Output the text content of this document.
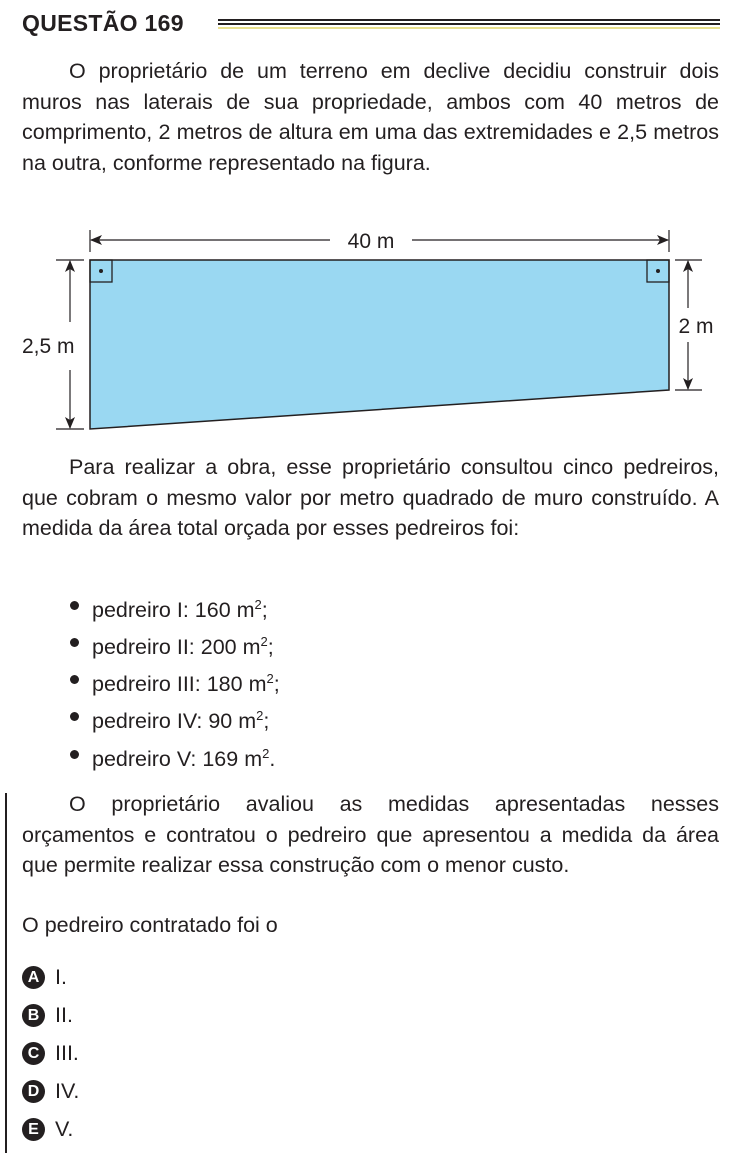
QUESTÃO 169

O proprietário de um terreno em declive decidiu construir dois muros nas laterais de sua propriedade, ambos com 40 metros de comprimento, 2 metros de altura em uma das extremidades e 2,5 metros na outra, conforme representado na figura.

40 m
2,5 m
2 m

Para realizar a obra, esse proprietário consultou cinco pedreiros, que cobram o mesmo valor por metro quadrado de muro construído. A medida da área total orçada por esses pedreiros foi:

pedreiro I: 160 $m^2$;
pedreiro II: 200 $m^2$;
pedreiro III: 180 $m^2$;
pedreiro IV: 90 $m^2$;
pedreiro V: 169 $m^2$.

O proprietário avaliou as medidas apresentadas nesses orçamentos e contratou o pedreiro que apresentou a medida da área que permite realizar essa construção com o menor custo.

O pedreiro contratado foi o

A I.
B II.
C III.
D IV.
E V.
